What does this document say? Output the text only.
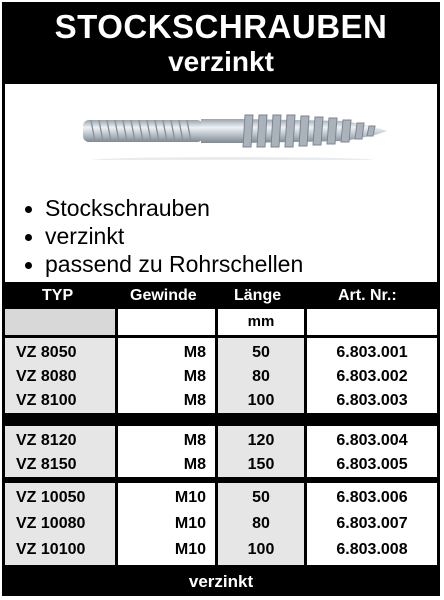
STOCKSCHRAUBEN
verzinkt
Stockschrauben
verzinkt
passend zu Rohrschellen
TYP	Gewinde Länge	Art. Nr.:
mm
VZ 8050	M8	50	6.803.001
VZ 8080	M8	80	6.803.002
VZ 8100	M8	100	6.803.003
VZ 8120	M8	120	6.803.004
VZ 8150	M8	150	6.803.005
VZ 10050	M10	50	6.803.006
VZ 10080	M10	80	6.803.007
VZ 10100	M10	100	6.803.008
verzinkt
